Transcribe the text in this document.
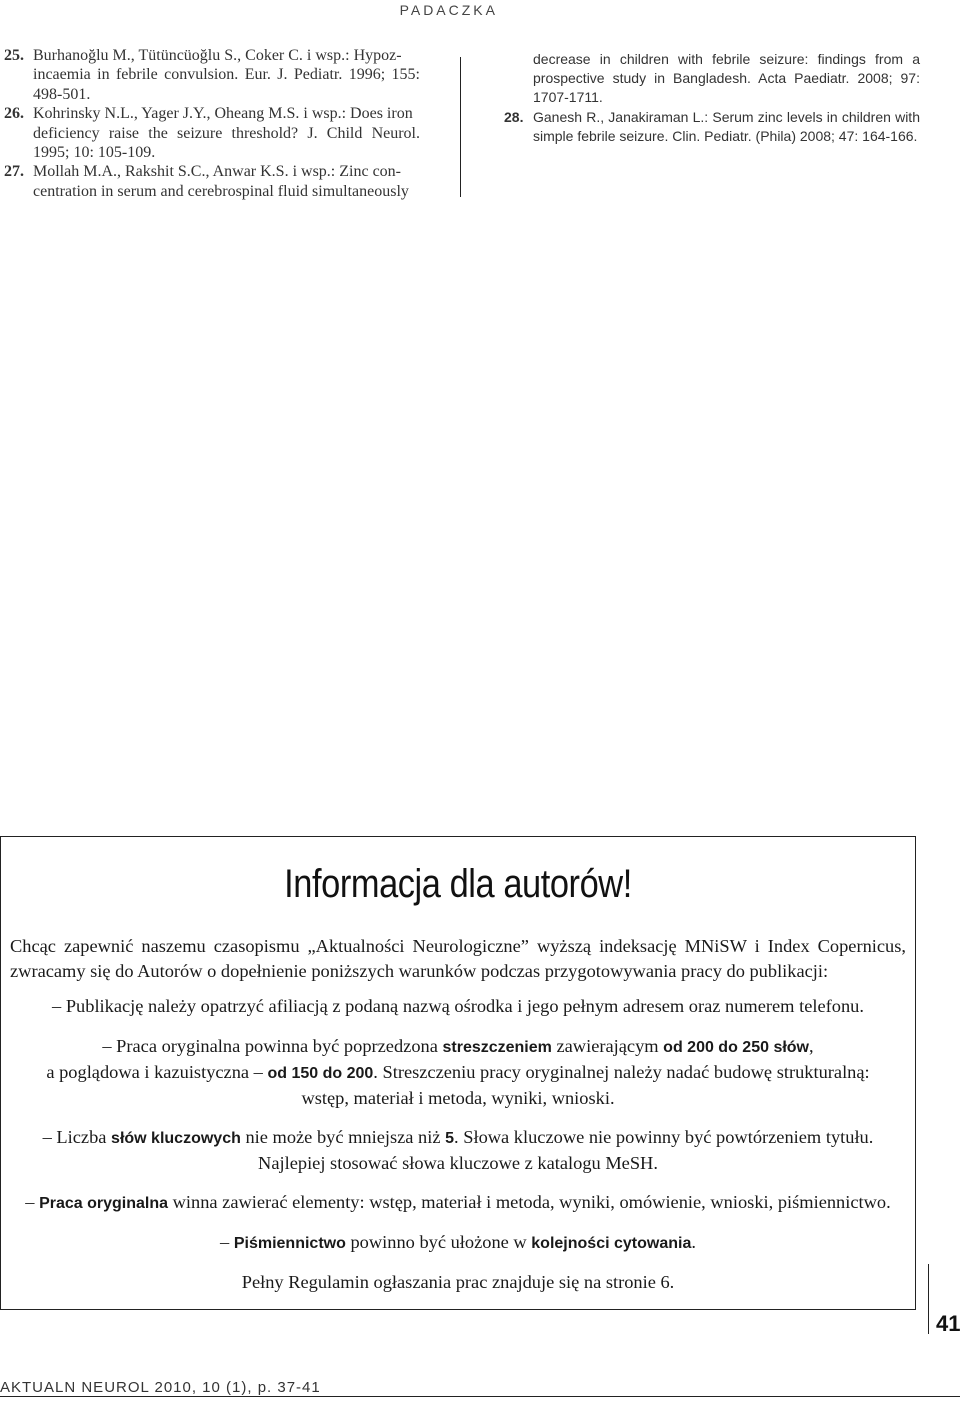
PADACZKA
25. Burhanoğlu M., Tütüncüoğlu S., Coker C. i wsp.: Hypoz-
incaemia in febrile convulsion. Eur. J. Pediatr. 1996; 155: 498-501.
26. Kohrinsky N.L., Yager J.Y., Oheang M.S. i wsp.: Does iron
deficiency raise the seizure threshold? J. Child Neurol. 1995; 10: 105-109.
27. Mollah M.A., Rakshit S.C., Anwar K.S. i wsp.: Zinc con-
centration in serum and cerebrospinal fluid simultaneously
decrease in children with febrile seizure: findings from a prospective study in Bangladesh. Acta Paediatr. 2008; 97: 1707-1711.
28. Ganesh R., Janakiraman L.: Serum zinc levels in children with simple febrile seizure. Clin. Pediatr. (Phila) 2008; 47: 164-166.
Informacja dla autorów!

Chcąc zapewnić naszemu czasopismu „Aktualności Neurologiczne” wyższą indeksację MNiSW i Index Copernicus, zwracamy się do Autorów o dopełnienie poniższych warunków podczas przygotowywania pracy do publikacji:

– Publikację należy opatrzyć afiliacją z podaną nazwą ośrodka i jego pełnym adresem oraz numerem telefonu.

– Praca oryginalna powinna być poprzedzona streszczeniem zawierającym od 200 do 250 słów,
a poglądowa i kazuistyczna – od 150 do 200. Streszczeniu pracy oryginalnej należy nadać budowę strukturalną:
wstęp, materiał i metoda, wyniki, wnioski.

– Liczba słów kluczowych nie może być mniejsza niż 5. Słowa kluczowe nie powinny być powtórzeniem tytułu.
Najlepiej stosować słowa kluczowe z katalogu MeSH.

– Praca oryginalna winna zawierać elementy: wstęp, materiał i metoda, wyniki, omówienie, wnioski, piśmiennictwo.

– Piśmiennictwo powinno być ułożone w kolejności cytowania.

Pełny Regulamin ogłaszania prac znajduje się na stronie 6.

41
AKTUALN NEUROL 2010, 10 (1), p. 37-41
